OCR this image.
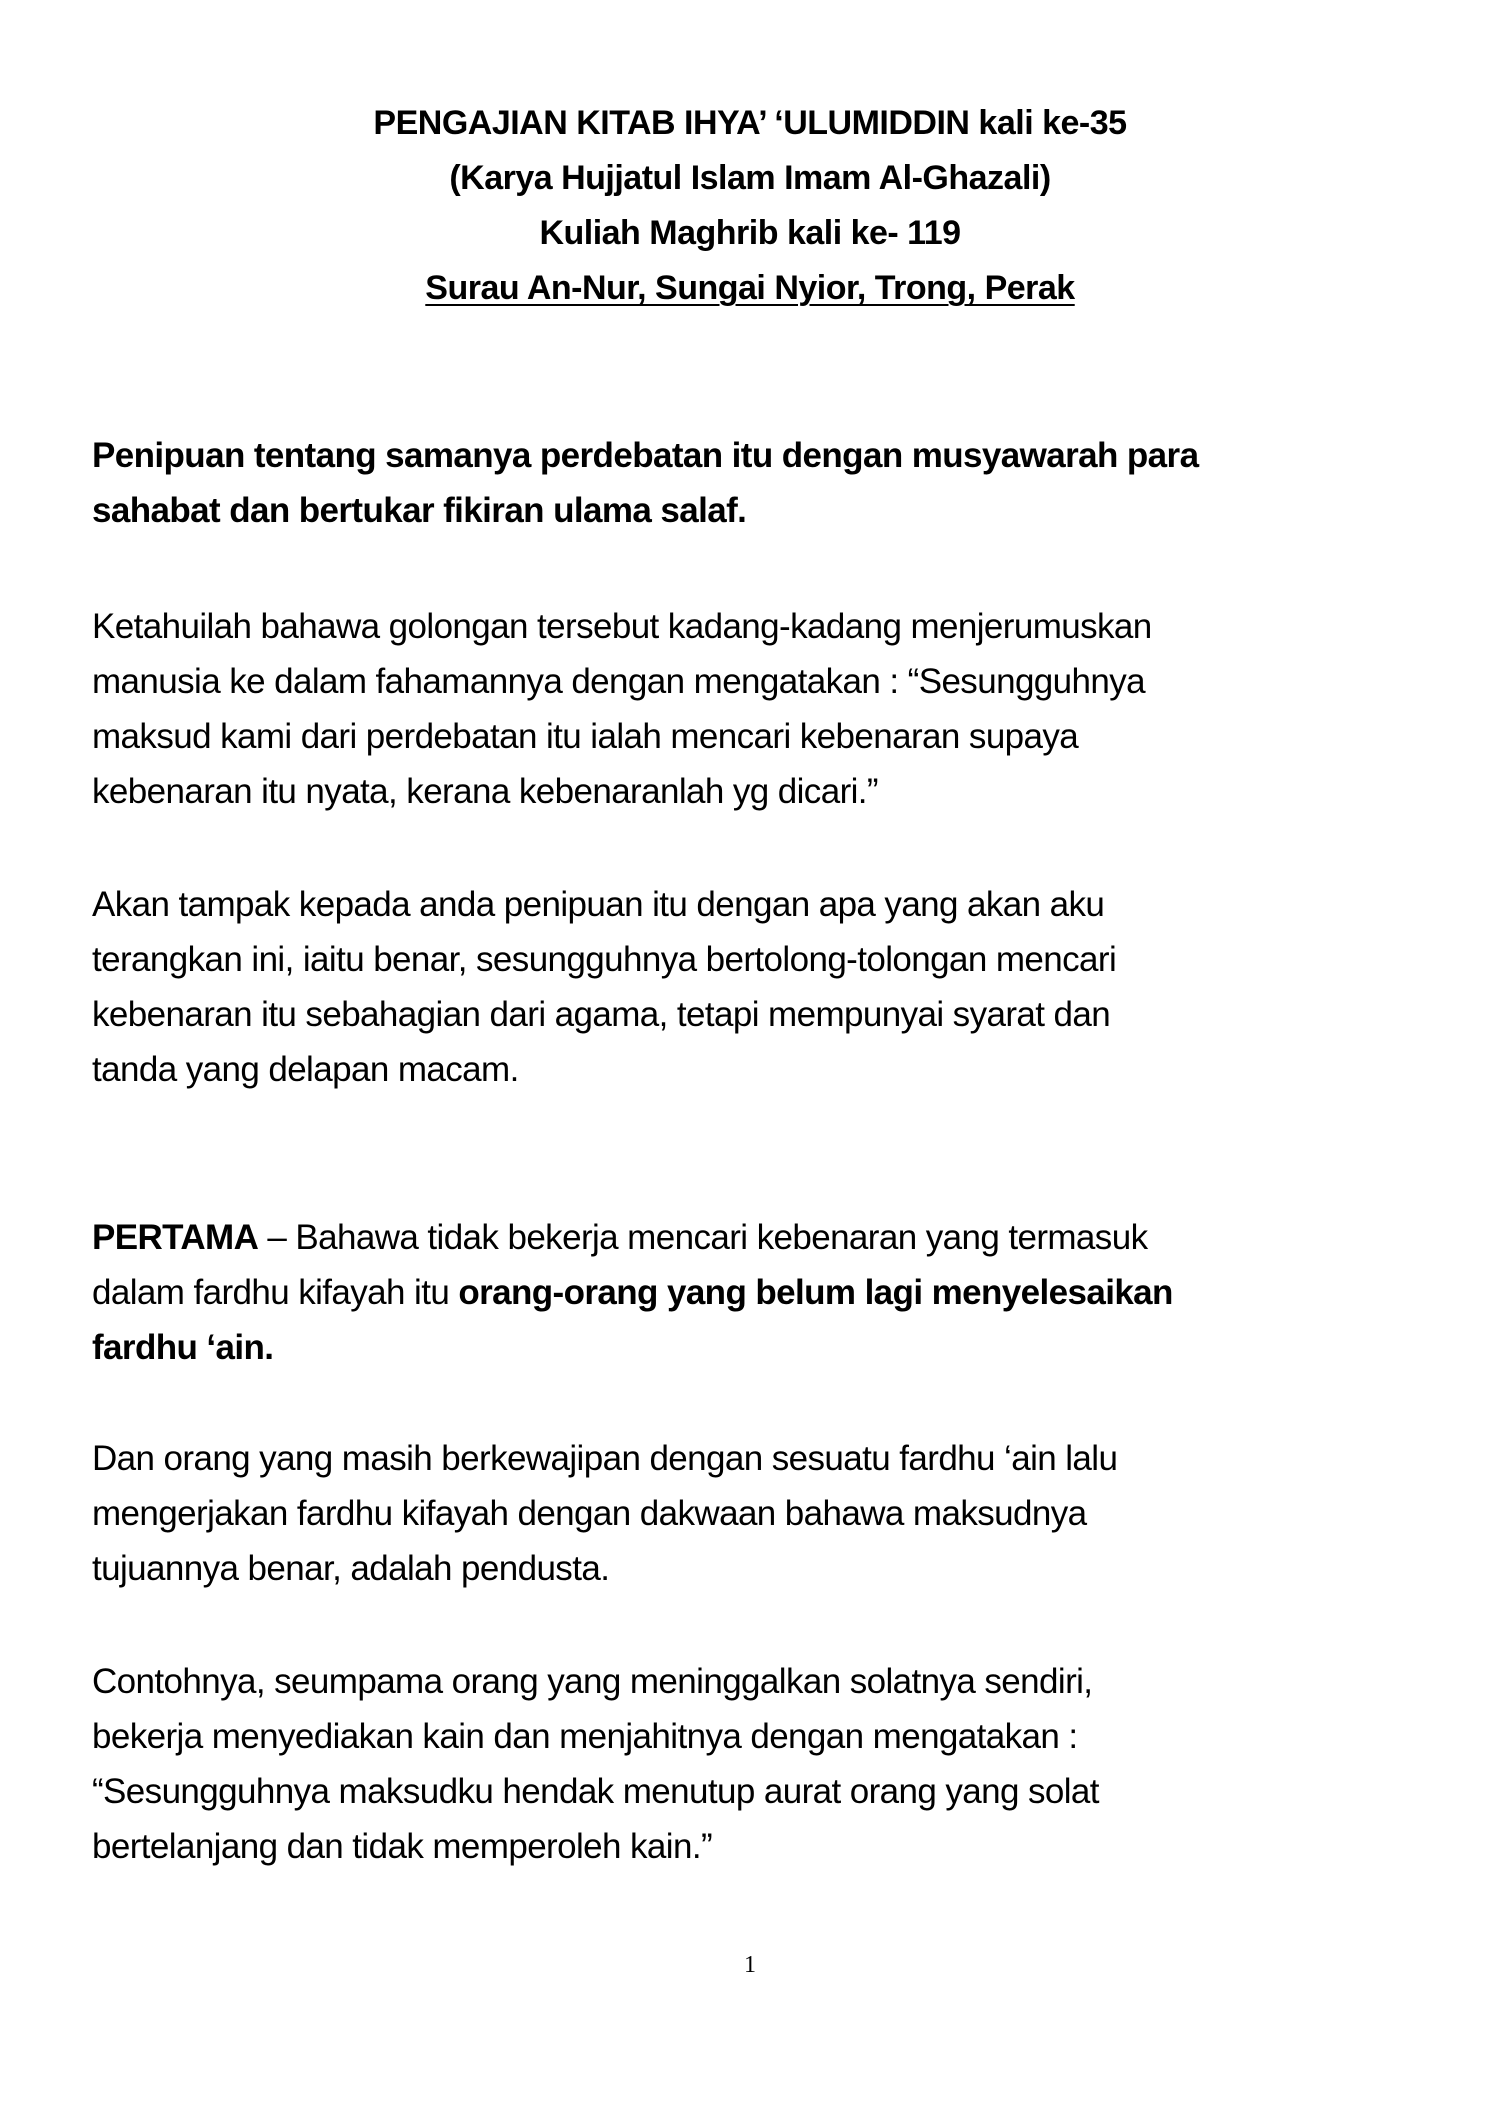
PENGAJIAN KITAB IHYA’ ‘ULUMIDDIN kali ke-35
(Karya Hujjatul Islam Imam Al-Ghazali)
Kuliah Maghrib kali ke- 119
Surau An-Nur, Sungai Nyior, Trong, Perak
Penipuan tentang samanya perdebatan itu dengan musyawarah para
sahabat dan bertukar fikiran ulama salaf.
Ketahuilah bahawa golongan tersebut kadang-kadang menjerumuskan
manusia ke dalam fahamannya dengan mengatakan : “Sesungguhnya
maksud kami dari perdebatan itu ialah mencari kebenaran supaya
kebenaran itu nyata, kerana kebenaranlah yg dicari.”
Akan tampak kepada anda penipuan itu dengan apa yang akan aku
terangkan ini, iaitu benar, sesungguhnya bertolong-tolongan mencari
kebenaran itu sebahagian dari agama, tetapi mempunyai syarat dan
tanda yang delapan macam.
PERTAMA – Bahawa tidak bekerja mencari kebenaran yang termasuk
dalam fardhu kifayah itu orang-orang yang belum lagi menyelesaikan
fardhu ‘ain.
Dan orang yang masih berkewajipan dengan sesuatu fardhu ‘ain lalu
mengerjakan fardhu kifayah dengan dakwaan bahawa maksudnya
tujuannya benar, adalah pendusta.
Contohnya, seumpama orang yang meninggalkan solatnya sendiri,
bekerja menyediakan kain dan menjahitnya dengan mengatakan :
“Sesungguhnya maksudku hendak menutup aurat orang yang solat
bertelanjang dan tidak memperoleh kain.”
1
